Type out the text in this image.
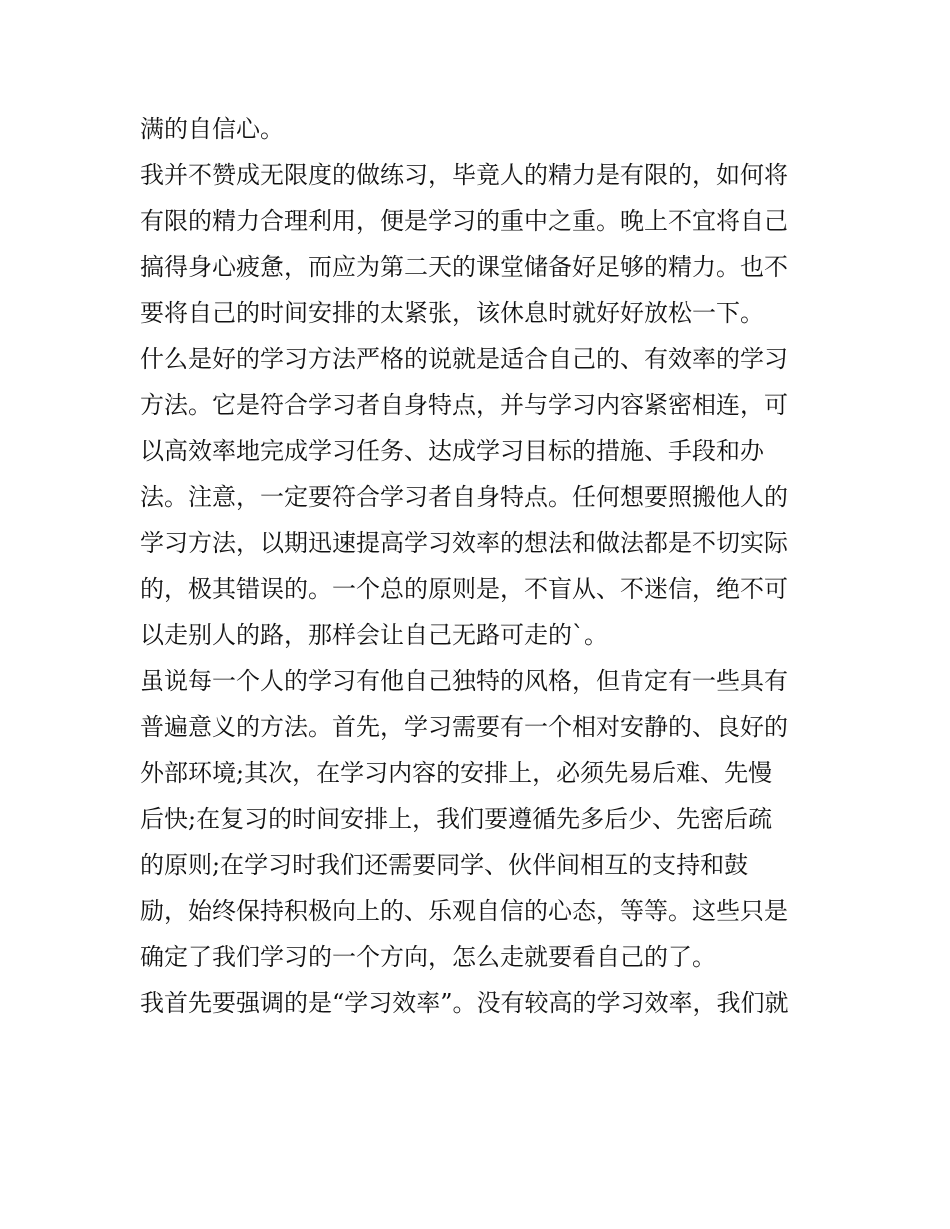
满的自信心。
我并不赞成无限度的做练习，毕竟人的精力是有限的，如何将
有限的精力合理利用，便是学习的重中之重。晚上不宜将自己
搞得身心疲惫，而应为第二天的课堂储备好足够的精力。也不
要将自己的时间安排的太紧张，该休息时就好好放松一下。
什么是好的学习方法严格的说就是适合自己的、有效率的学习
方法。它是符合学习者自身特点，并与学习内容紧密相连，可
以高效率地完成学习任务、达成学习目标的措施、手段和办
法。注意，一定要符合学习者自身特点。任何想要照搬他人的
学习方法，以期迅速提高学习效率的想法和做法都是不切实际
的，极其错误的。一个总的原则是，不盲从、不迷信，绝不可
以走别人的路，那样会让自己无路可走的`。
虽说每一个人的学习有他自己独特的风格，但肯定有一些具有
普遍意义的方法。首先，学习需要有一个相对安静的、良好的
外部环境;其次，在学习内容的安排上，必须先易后难、先慢
后快;在复习的时间安排上，我们要遵循先多后少、先密后疏
的原则;在学习时我们还需要同学、伙伴间相互的支持和鼓
励，始终保持积极向上的、乐观自信的心态，等等。这些只是
确定了我们学习的一个方向，怎么走就要看自己的了。
我首先要强调的是“学习效率”。没有较高的学习效率，我们就
